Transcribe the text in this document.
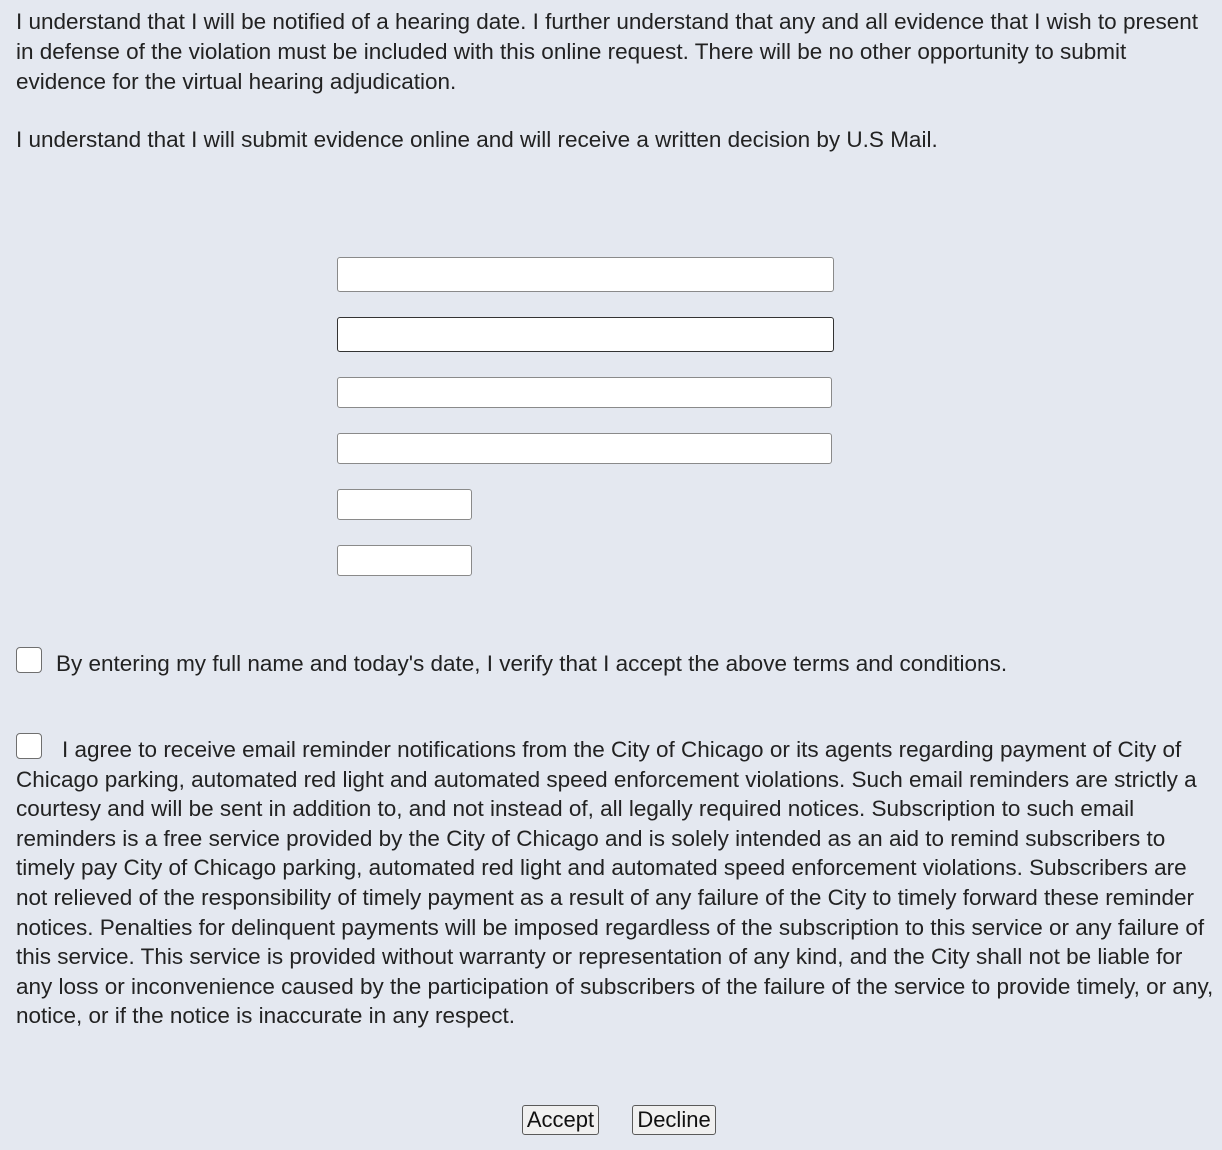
I understand that I will be notified of a hearing date. I further understand that any and all evidence that I wish to present in defense of the violation must be included with this online request. There will be no other opportunity to submit evidence for the virtual hearing adjudication.

I understand that I will submit evidence online and will receive a written decision by U.S Mail.

By entering my full name and today's date, I verify that I accept the above terms and conditions.

I agree to receive email reminder notifications from the City of Chicago or its agents regarding payment of City of Chicago parking, automated red light and automated speed enforcement violations. Such email reminders are strictly a courtesy and will be sent in addition to, and not instead of, all legally required notices. Subscription to such email reminders is a free service provided by the City of Chicago and is solely intended as an aid to remind subscribers to timely pay City of Chicago parking, automated red light and automated speed enforcement violations. Subscribers are not relieved of the responsibility of timely payment as a result of any failure of the City to timely forward these reminder notices. Penalties for delinquent payments will be imposed regardless of the subscription to this service or any failure of this service. This service is provided without warranty or representation of any kind, and the City shall not be liable for any loss or inconvenience caused by the participation of subscribers of the failure of the service to provide timely, or any, notice, or if the notice is inaccurate in any respect.

Accept Decline
